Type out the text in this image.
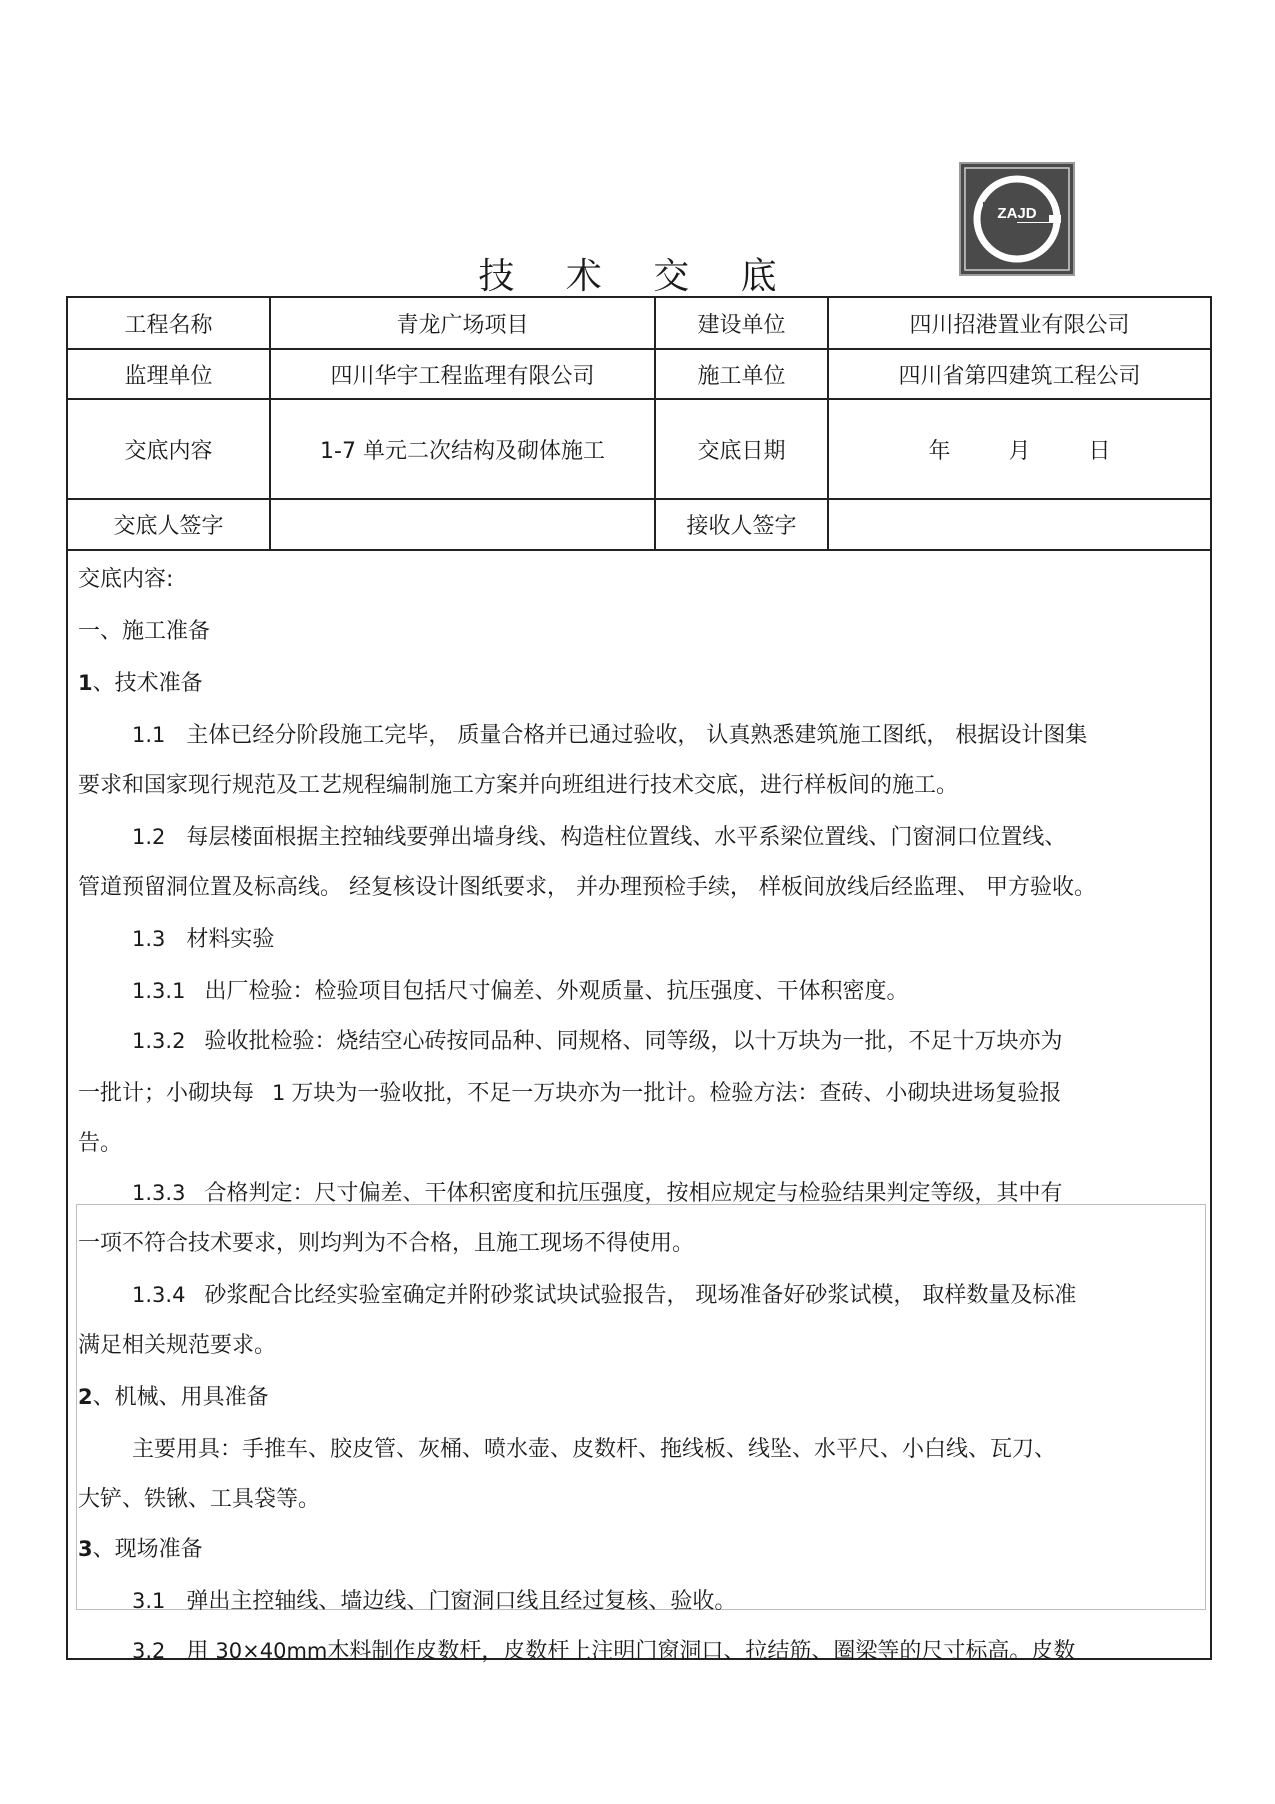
ZAJD
技 术 交 底
工程名称	青龙广场项目	建设单位	四川招港置业有限公司
监理单位	四川华宇工程监理有限公司	施工单位	四川省第四建筑工程公司
交底内容	1-7 单元二次结构及砌体施工	交底日期	年 月 日
交底人签字		接收人签字	
交底内容:
一、施工准备
1、技术准备
1.1 主体已经分阶段施工完毕， 质量合格并已通过验收， 认真熟悉建筑施工图纸， 根据设计图集
要求和国家现行规范及工艺规程编制施工方案并向班组进行技术交底，进行样板间的施工。
1.2 每层楼面根据主控轴线要弹出墙身线、构造柱位置线、水平系梁位置线、门窗洞口位置线、
管道预留洞位置及标高线。 经复核设计图纸要求， 并办理预检手续， 样板间放线后经监理、 甲方验收。
1.3 材料实验
1.3.1 出厂检验：检验项目包括尺寸偏差、外观质量、抗压强度、干体积密度。
1.3.2 验收批检验：烧结空心砖按同品种、同规格、同等级，以十万块为一批，不足十万块亦为
一批计；小砌块每 1 万块为一验收批，不足一万块亦为一批计。检验方法：查砖、小砌块进场复验报
告。
1.3.3 合格判定：尺寸偏差、干体积密度和抗压强度，按相应规定与检验结果判定等级，其中有
一项不符合技术要求，则均判为不合格，且施工现场不得使用。
1.3.4 砂浆配合比经实验室确定并附砂浆试块试验报告， 现场准备好砂浆试模， 取样数量及标准
满足相关规范要求。
2、机械、用具准备
主要用具：手推车、胶皮管、灰桶、喷水壶、皮数杆、拖线板、线坠、水平尺、小白线、瓦刀、
大铲、铁锹、工具袋等。
3、现场准备
3.1 弹出主控轴线、墙边线、门窗洞口线且经过复核、验收。
3.2 用 30×40mm木料制作皮数杆，皮数杆上注明门窗洞口、拉结筋、圈梁等的尺寸标高。皮数
